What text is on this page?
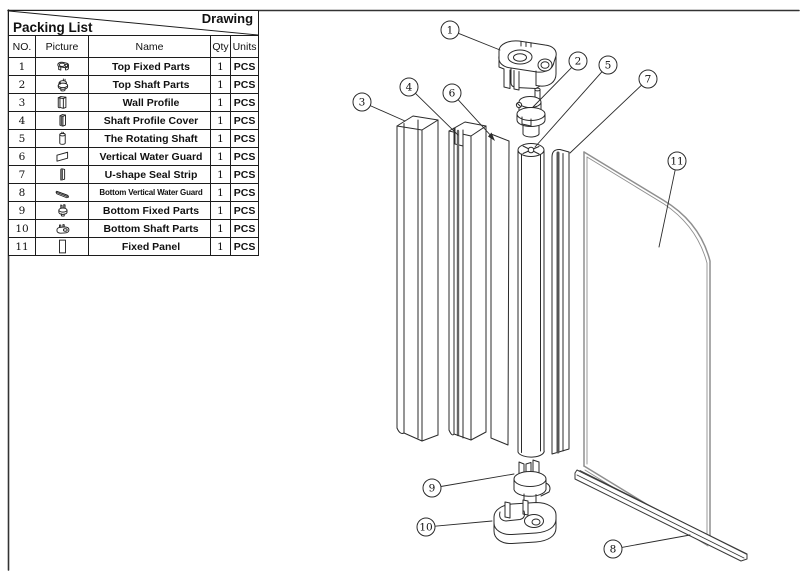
1
2 5
7
3
4	6
11
9
10
8
Packing List
Drawing				

NO.	Picture	Name	Qty	Units
1		Top Fixed Parts	1	PCS
2		Top Shaft Parts	1	PCS
3		Wall Profile	1	PCS
4		Shaft Profile Cover	1	PCS
5		The Rotating Shaft	1	PCS
6		Vertical Water Guard	1	PCS
7		U-shape Seal Strip	1	PCS
8		Bottom Vertical Water Guard	1	PCS
9		Bottom Fixed Parts	1	PCS
10		Bottom Shaft Parts	1	PCS
11		Fixed Panel	1	PCS
